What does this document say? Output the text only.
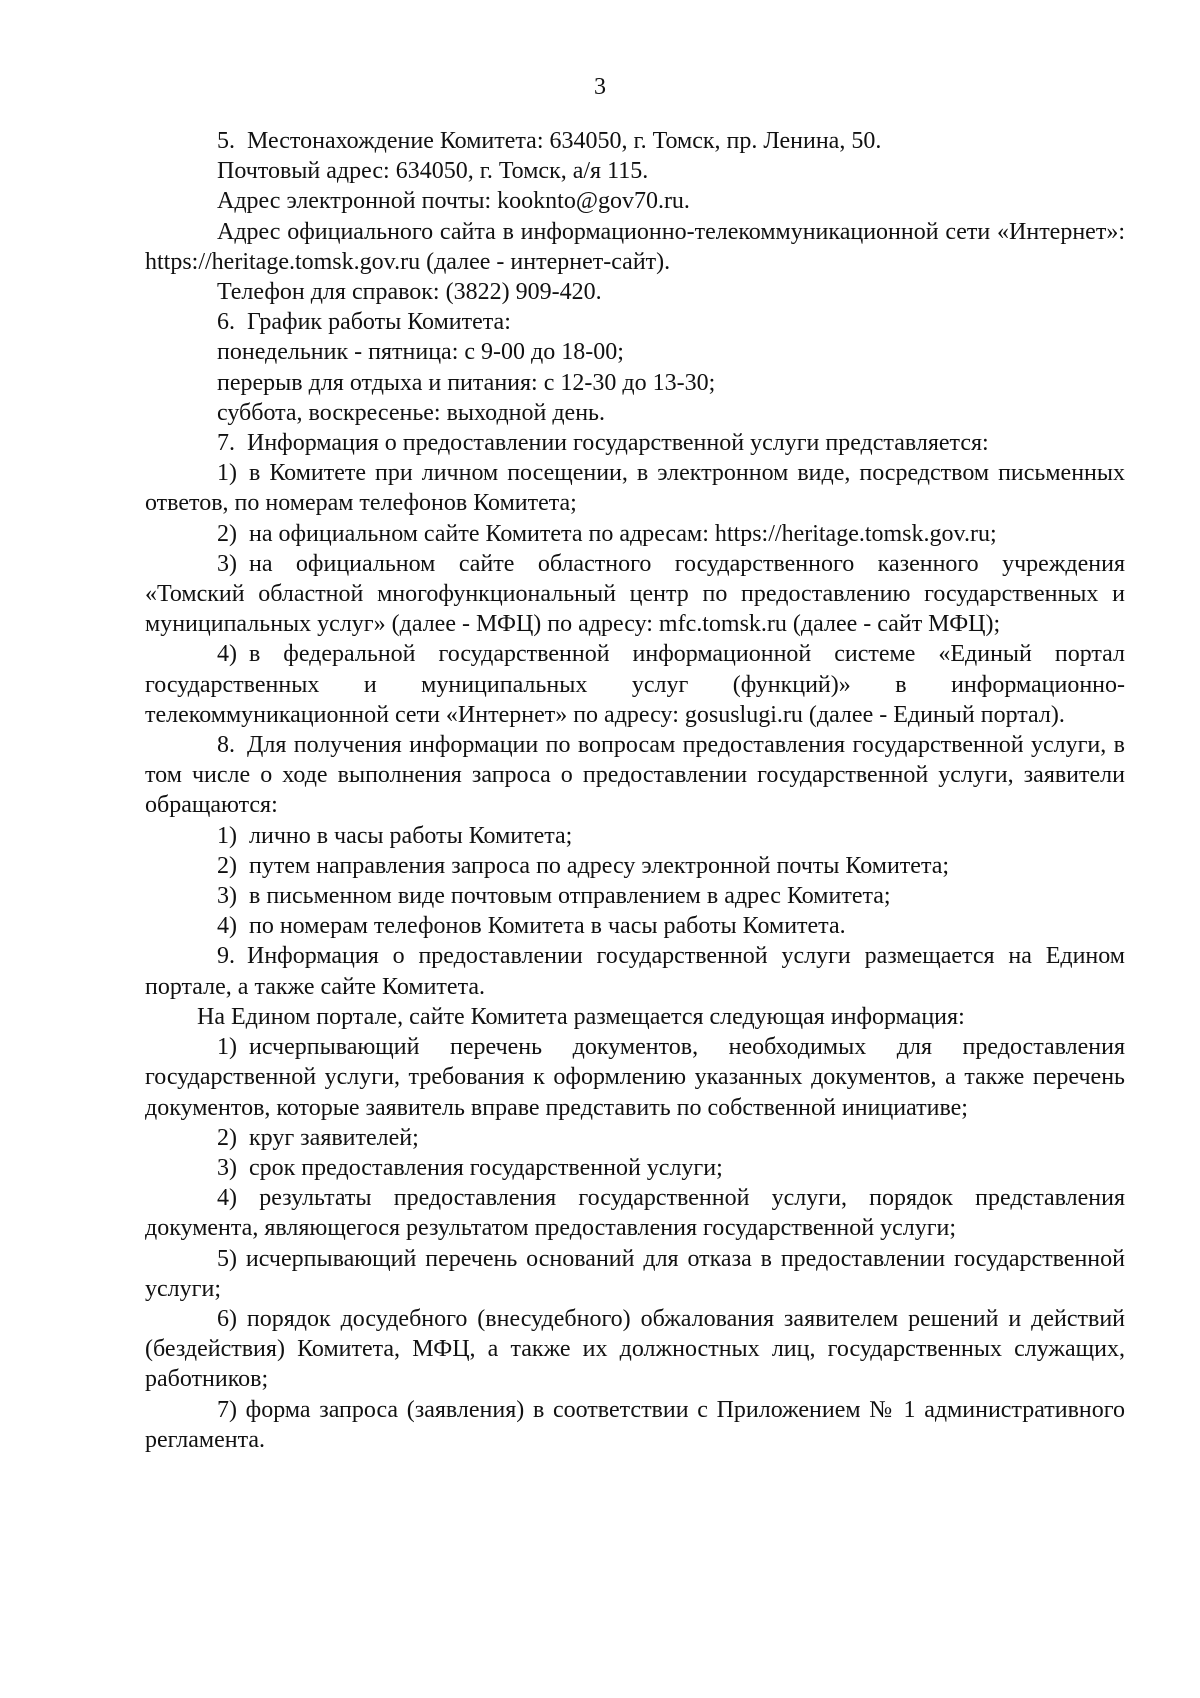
3

5. Местонахождение Комитета: 634050, г. Томск, пр. Ленина, 50.

Почтовый адрес: 634050, г. Томск, а/я 115.

Адрес электронной почты: kooknto@gov70.ru.

Адрес официального сайта в информационно-телекоммуникационной сети «Интернет»: https://heritage.tomsk.gov.ru (далее - интернет-сайт).

Телефон для справок: (3822) 909-420.

6. График работы Комитета:

понедельник - пятница: с 9-00 до 18-00;

перерыв для отдыха и питания: с 12-30 до 13-30;

суббота, воскресенье: выходной день.

7. Информация о предоставлении государственной услуги представляется:

1) в Комитете при личном посещении, в электронном виде, посредством письменных ответов, по номерам телефонов Комитета;

2) на официальном сайте Комитета по адресам: https://heritage.tomsk.gov.ru;

3) на официальном сайте областного государственного казенного учреждения «Томский областной многофункциональный центр по предоставлению государственных и муниципальных услуг» (далее - МФЦ) по адресу: mfc.tomsk.ru (далее - сайт МФЦ);

4) в федеральной государственной информационной системе «Единый портал государственных и муниципальных услуг (функций)» в информационно-телекоммуникационной сети «Интернет» по адресу: gosuslugi.ru (далее - Единый портал).

8. Для получения информации по вопросам предоставления государственной услуги, в том числе о ходе выполнения запроса о предоставлении государственной услуги, заявители обращаются:

1) лично в часы работы Комитета;

2) путем направления запроса по адресу электронной почты Комитета;

3) в письменном виде почтовым отправлением в адрес Комитета;

4) по номерам телефонов Комитета в часы работы Комитета.

9. Информация о предоставлении государственной услуги размещается на Едином портале, а также сайте Комитета.

На Едином портале, сайте Комитета размещается следующая информация:

1) исчерпывающий перечень документов, необходимых для предоставления государственной услуги, требования к оформлению указанных документов, а также перечень документов, которые заявитель вправе представить по собственной инициативе;

2) круг заявителей;

3) срок предоставления государственной услуги;

4) результаты предоставления государственной услуги, порядок представления документа, являющегося результатом предоставления государственной услуги;

5) исчерпывающий перечень оснований для отказа в предоставлении государственной услуги;

6) порядок досудебного (внесудебного) обжалования заявителем решений и действий (бездействия) Комитета, МФЦ, а также их должностных лиц, государственных служащих, работников;

7) форма запроса (заявления) в соответствии с Приложением № 1 административного регламента.
